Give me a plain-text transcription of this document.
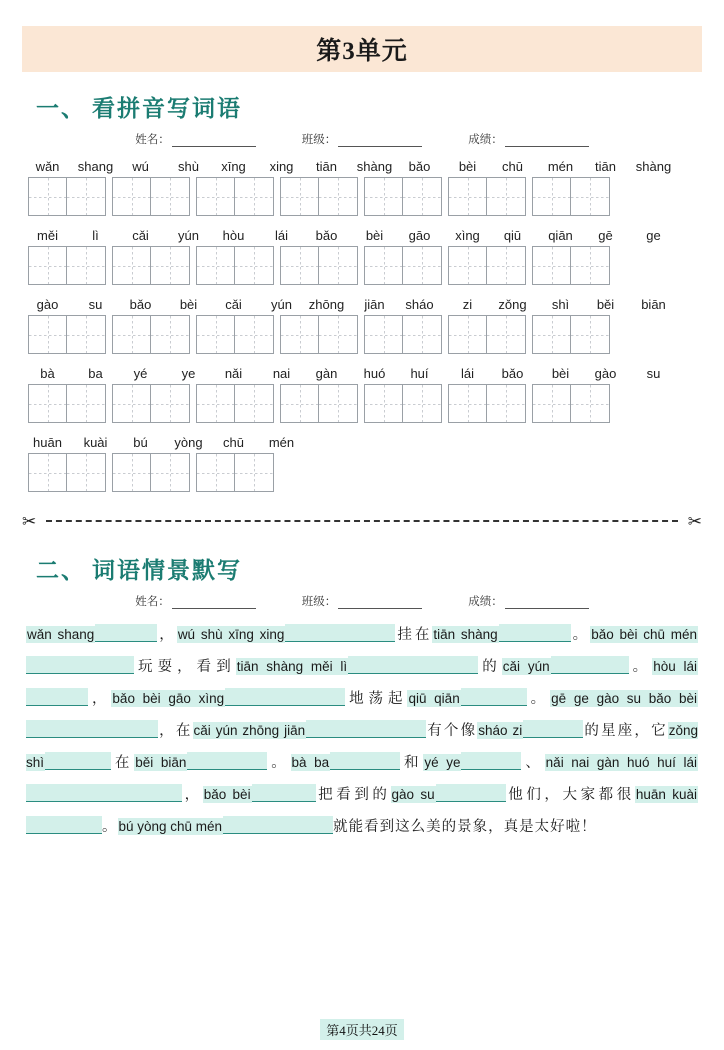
第3单元
一、 看拼音写词语
姓名：	班级：	成绩：
wǎn	shang	wú	shù	xīng	xing	tiān	shàng	bǎo	bèi	chū	mén	tiān	shàng
měi	lì	cǎi	yún	hòu	lái	bǎo	bèi	gāo	xìng	qiū	qiān	gē	ge
gào	su	bǎo	bèi	cǎi	yún	zhōng	jiān	sháo	zi	zǒng	shì	běi	biān
bà	ba	yé	ye	nǎi	nai	gàn	huó	huí	lái	bǎo	bèi	gào	su
huān	kuài	bú	yòng	chū	mén
✂	✂
二、 词语情景默写
姓名：	班级：	成绩：
wǎn shang	，wú shù xīng xing	挂在tiān shàng	。bǎo bèi chū mén玩耍，看到tiān shàng měi lì	的cǎi yún	。hòu lái，bǎo bèi gāo xìng	地荡起qiū qiān	。gē ge gào su bǎo bèi，在cǎi yún zhōng jiān	有个像sháo zi	的星座，它zǒng shì	在běi biān	。bà ba	和yé ye	、nǎi nai gàn huó huí lái，bǎo bèi	把看到的gào su	他们，大家都很huān kuài。bú yòng chū mén	就能看到这么美的景象，真是太好啦！
第4页共24页
